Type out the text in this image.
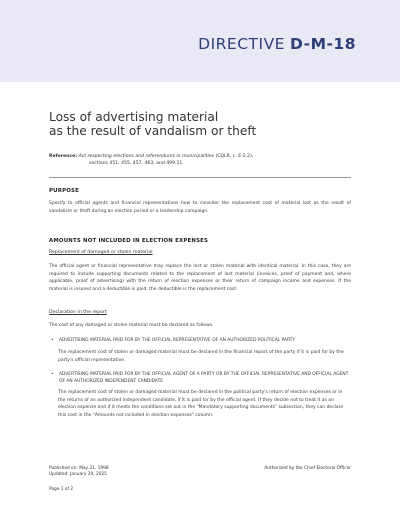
DIRECTIVE D-M-18
Loss of advertising material
as the result of vandalism or theft
Reference: Act respecting elections and referendums in municipalities (CQLR, c. E-2.2),
sections 451, 455, 457, 463, and 499.11
PURPOSE
Specify to official agents and financial representatives how to consider the replacement cost of material lost as the result of vandalism or theft during an election period or a leadership campaign.
AMOUNTS NOT INCLUDED IN ELECTION EXPENSES
Replacement of damaged or stolen material
The official agent or financial representative may replace the lost or stolen material with identical material. In this case, they are required to include supporting documents related to the replacement of lost material (invoices, proof of payment and, where applicable, proof of advertising) with the return of election expenses or their return of campaign income and expenses. If the material is insured and a deductible is paid, the deductible is the replacement cost.
Declaration in the report
The cost of any damaged or stolen material must be declared as follows.
• ADVERTISING MATERIAL PAID FOR BY THE OFFICIAL REPRESENTATIVE OF AN AUTHORIZED POLITICAL PARTY
The replacement cost of stolen or damaged material must be declared in the financial report of the party if it is paid for by the party's official representative.
• ADVERTISING MATERIAL PAID FOR BY THE OFFICIAL AGENT OF A PARTY OR BY THE OFFICIAL REPRESENTATIVE AND OFFICIAL AGENT OF AN AUTHORIZED INDEPENDENT CANDIDATE
The replacement cost of stolen or damaged material must be declared in the political party's return of election expenses or in the returns of an authorized independent candidate, if it is paid for by the official agent. If they decide not to treat it as an election expense and if it meets the conditions set out in the "Mandatory supporting documents" subsection, they can declare this cost in the "Amounts not included in election expenses" column.
Published on: May 21, 1998
Updated: January 29, 2025
Authorized by the Chief Electoral Officer
Page 1 of 2
